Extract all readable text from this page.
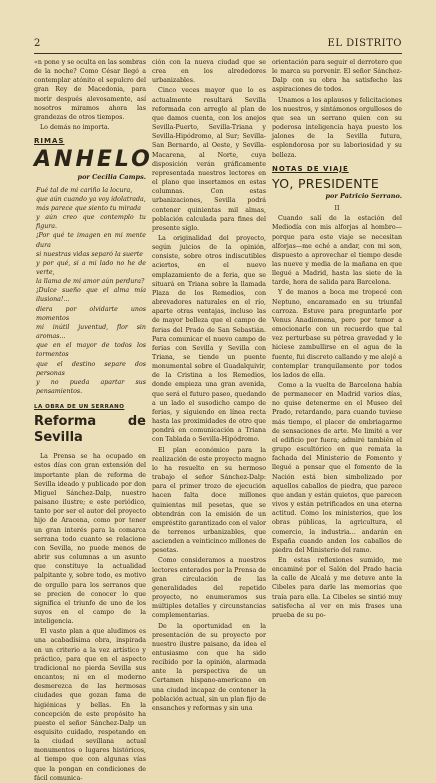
2	EL DISTRITO

«n pone y se oculta en las sombras de la noche? Como César llegó a contemplar atónito el sepulcro del gran Rey de Macedonia, para morir después alevosamente, así nosotros miramos ahora las grandezas de otros tiempos.

Lo demás no importa.

RIMAS
ANHELO
por Cecilia Camps.
Fué tal de mi cariño la locura,
que aún cuando ya voy idolatrada,
más parece que siento tu mirada
y aún creo que contemplo tu figura.
¡Por qué te imagen en mi mente dura
si nuestras vidas separó la suerte
y por qué, si a mi lado no he de verte,
la llama de mi amor aún perdura?
¡Dulce sueño que el alma mía ilusiona!...
diera por olvidarte unos momentos
mi inútil juventud, flor sin aromas...
que en el mayor de todos los tormentos
que el destino separe dos personas
y no pueda apartar sus pensamientos.
LA OBRA DE UN SERRANO
Reforma de Sevilla

La Prensa se ha ocupado en estos días con gran extensión del importante plan de reforma de Sevilla ideado y publicado por don Miguel Sánchez-Dalp, nuestro paisano ilustre; e este periódico, tanto por ser el autor del proyecto hijo de Aracena, como por tener un gran interés para la comarca serrana todo cuanto se relacione con Sevilla, no puede menos de abrir sus columnas a un asunto que constituye la actualidad palpitante y, sobre todo, es motivo de orgullo para los serranos que se precien de conocer lo que significa el triunfo de uno de los suyos en el campo de la inteligencia.

El vasto plan a que aludimos es una acabadísima obra, inspirada en un criterio a la vez artístico y práctico, para que en el aspecto tradicional no pierda Sevilla sus encantos; ni en el moderno desmerezca de las hermosas ciudades que gozan fama de higiénicas y bellas. En la concepción de este propósito ha puesto el señor Sánchez-Dalp un esquisito cuidado, respetando en la ciudad sevillana actual monumentos o lugares históricos, al tiempo que con algunas vías que la pongan en condiciones de fácil comunica-

ción con la nueva ciudad que se crea en los alrededores urbanizables.

Cinco veces mayor que lo es actualmente resultará Sevilla reformada con arreglo al plan de que damos cuenta, con los anejos Sevilla-Puerto, Sevilla-Triana y Sevilla-Hipódromo, al Sur; Sevilla-San Bernardo, al Oeste, y Sevilla-Macarena, al Norte, cuya disposición verán gráficamente representada nuestros lectores en el plano que insertamos en estas columnas. Con estas urbanizaciones, Sevilla podrá contener quinientas mil almas, población calculada para fines del presente siglo.

La originalidad del proyecto, según juicios de la opinión, consiste, sobre otros indiscutibles aciertos, en el nuevo emplazamiento de a feria, que se situará en Triana sobre la llamada Plaza de los Remedios, con abrevadores naturales en el río, aparte otras ventajas, incluso las de mayor belleza que el campo de ferias del Prado de San Sebastián. Para comunicar el nuevo campo de ferias con Sevilla y Sevilla con Triana, se tiende un puente monumental sobre el Guadalquivir, de la Cristina a los Remedios, donde empieza una gran avenida, que será el futuro paseo, quedando a un lado el susodicho campo de ferias, y siguiendo en línea recta hasta las proximidades de otro que pondrá en comunicación a Triana con Tablada o Sevilla-Hipódromo.

El plan económico para la realización de este proyecto magno lo ha resuelto en su hermoso trabajo el señor Sánchez-Dalp: para el primer trozo de ejecución hacen falta doce millones quinientas mil pesetas, que se obtendrán con la emisión de un empréstito garantizado con el valor de terrenos urbanizables, que ascienden a veinticinco millones de pesetas.

Como consideramos a nuestros lectores enterados por la Prensa de gran circulación de las generalidades del repetido proyecto, no enumeramos sus múltiples detalles y circunstancias complementarias.

De la oportunidad en la presentación de su proyecto por nuestro ilustre paisano, da idea el entusiasmo con que ha sido recibido por la opinión, alarmada ante la perspectiva de un Certamen hispano-americano en una ciudad incapaz de contener la población actual, sin un plan fijo de ensanches y reformas y sin una

orientación para seguir el derrotero que le marca su porvenir. El señor Sánchez-Dalp con su obra ha satisfecho las aspiraciones de todos.

Unamos a los aplausos y felicitaciones los nuestros, y sintámonos orgullosos de que sea un serrano quien con su poderosa inteligencia haya puesto los jalones de la Sevilla futura, esplendorosa por su laboriosidad y su belleza.

NOTAS DE VIAJE
YO, PRESIDENTE
por Patricio Serrano.
II

Cuando salí de la estación del Mediodía con mis alforjas al hombro—porque para este viaje se necesitan alforjas—me eché a andar, con mi son, dispuesto a aprovechar el tiempo desde las nueve y media de la mañana en que llegué a Madrid, hasta las siete de la tarde, hora de salida para Barcelona.

Y de manos a boca me tropecé con Neptuno, encaramado en su triunfal carroza. Estuve para preguntarle por Venus Anadiomena, pero por temor a emocionarle con un recuerdo que tal vez perturbase su pétrea gravedad y le hiciese zambullirse en el agua de la fuente, fui discreto callando y me alejé a contemplar tranquilamente por todos los lados de ella.

Como a la vuelta de Barcelona había de permanecer en Madrid varios días, no quise detenerme en el Museo del Prado, retardando, para cuando tuviese más tiempo, el placer de embriagarme de sensaciones de arte. Me limité a ver el edificio por fuera; admiré también el grupo escultórico en que remata la fachada del Ministerio de Fomento y llegué a pensar que el fomento de la Nación está bien simbolizado por aquellos caballos de piedra, que parece que andan y están quietos, que parecen vivos y están petrificados en una eterna actitud. Como los ministerios, que los obras públicas, la agricultura, el comercio, la industria... andarán en España cuando anden los caballos de piedra del Ministerio del ramo.

En estas reflexiones sumido, me encaminé por el Salón del Prado hacia la calle de Alcalá y me detuve ante la Cibeles para darle las memorias que traía para ella. La Cibeles se sintió muy satisfecha al ver en mis frases una prueba de su po-
